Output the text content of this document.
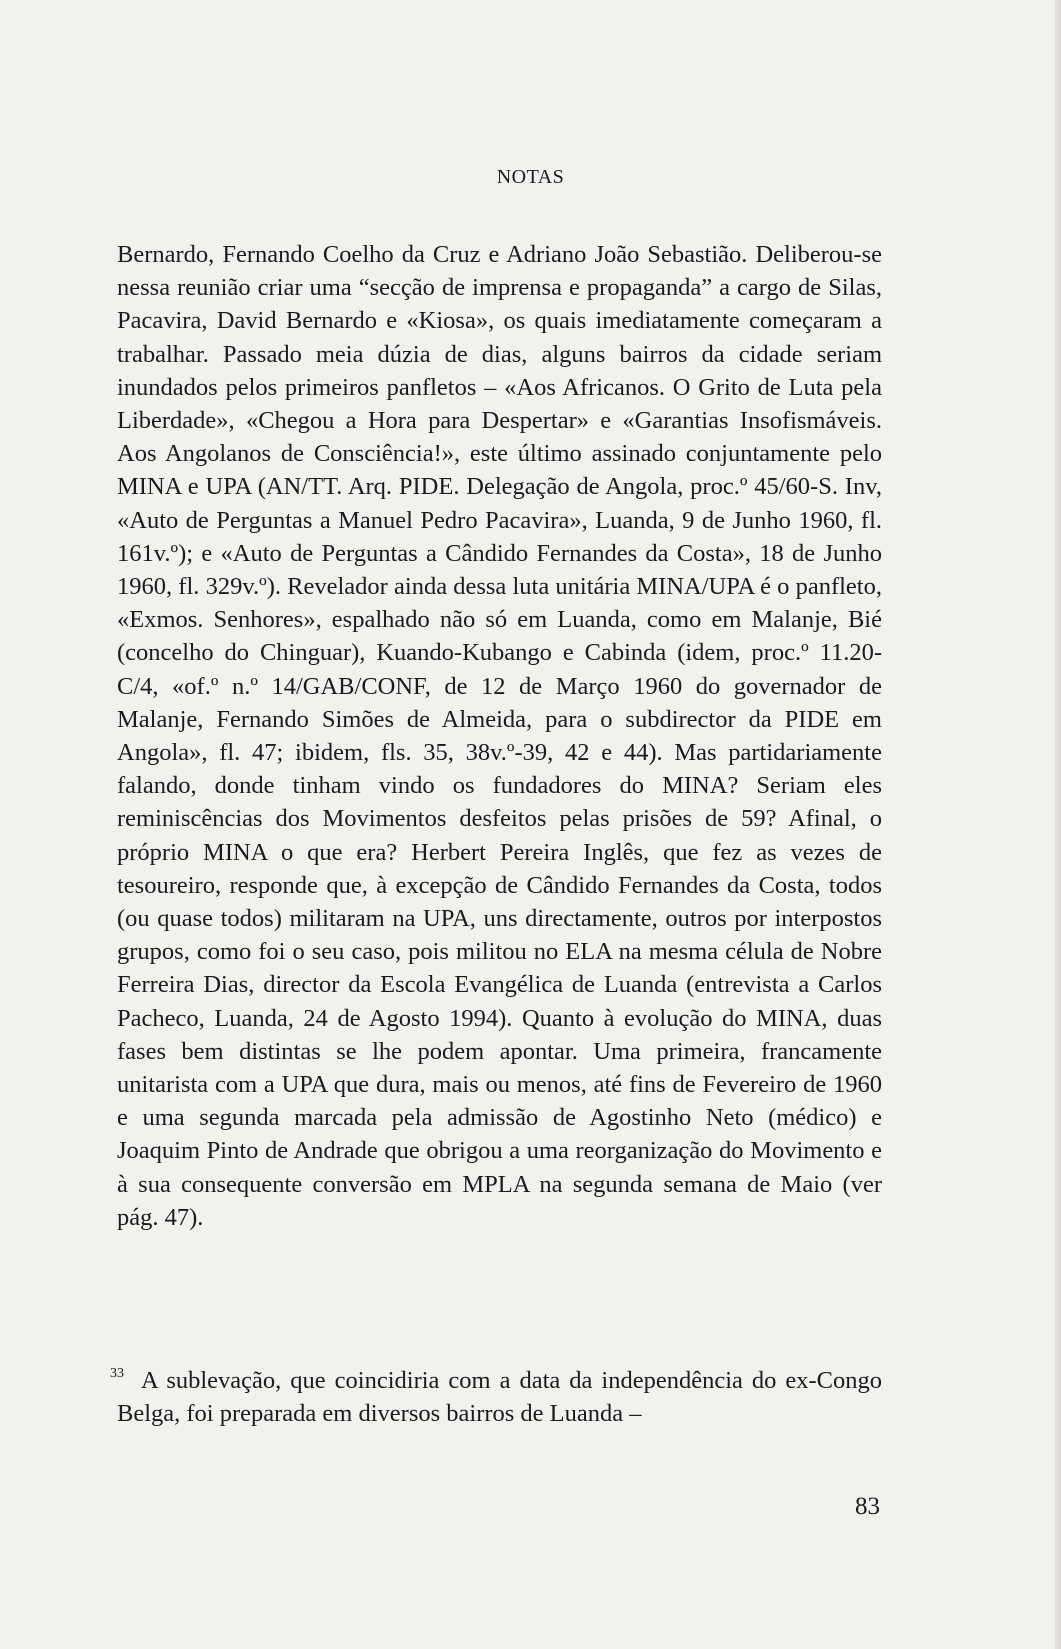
NOTAS

Bernardo, Fernando Coelho da Cruz e Adriano João Sebastião. Deliberou-se nessa reunião criar uma “secção de imprensa e propaganda” a cargo de Silas, Pacavira, David Bernardo e «Kiosa», os quais imediatamente começaram a trabalhar. Passado meia dúzia de dias, alguns bairros da cidade seriam inundados pelos primeiros panfletos – «Aos Africanos. O Grito de Luta pela Liberdade», «Chegou a Hora para Despertar» e «Garantias Insofismáveis. Aos Angolanos de Consciência!», este último assinado conjuntamente pelo MINA e UPA (AN/TT. Arq. PIDE. Delegação de Angola, proc.º 45/60-S. Inv, «Auto de Perguntas a Manuel Pedro Pacavira», Luanda, 9 de Junho 1960, fl. 161v.º); e «Auto de Perguntas a Cândido Fernandes da Costa», 18 de Junho 1960, fl. 329v.º). Revelador ainda dessa luta unitária MINA/UPA é o panfleto, «Exmos. Senhores», espalhado não só em Luanda, como em Malanje, Bié (concelho do Chinguar), Kuando-Kubango e Cabinda (idem, proc.º 11.20-C/4, «of.º n.º 14/GAB/CONF, de 12 de Março 1960 do governador de Malanje, Fernando Simões de Almeida, para o subdirector da PIDE em Angola», fl. 47; ibidem, fls. 35, 38v.º-39, 42 e 44). Mas partidariamente falando, donde tinham vindo os fundadores do MINA? Seriam eles reminiscências dos Movimentos desfeitos pelas prisões de 59? Afinal, o próprio MINA o que era? Herbert Pereira Inglês, que fez as vezes de tesoureiro, responde que, à excepção de Cândido Fernandes da Costa, todos (ou quase todos) militaram na UPA, uns directamente, outros por interpostos grupos, como foi o seu caso, pois militou no ELA na mesma célula de Nobre Ferreira Dias, director da Escola Evangélica de Luanda (entrevista a Carlos Pacheco, Luanda, 24 de Agosto 1994). Quanto à evolução do MINA, duas fases bem distintas se lhe podem apontar. Uma primeira, francamente unitarista com a UPA que dura, mais ou menos, até fins de Fevereiro de 1960 e uma segunda marcada pela admissão de Agostinho Neto (médico) e Joaquim Pinto de Andrade que obrigou a uma reorganização do Movimento e à sua consequente conversão em MPLA na segunda semana de Maio (ver pág. 47).

33 A sublevação, que coincidiria com a data da independência do ex-Congo Belga, foi preparada em diversos bairros de Luanda –

83
